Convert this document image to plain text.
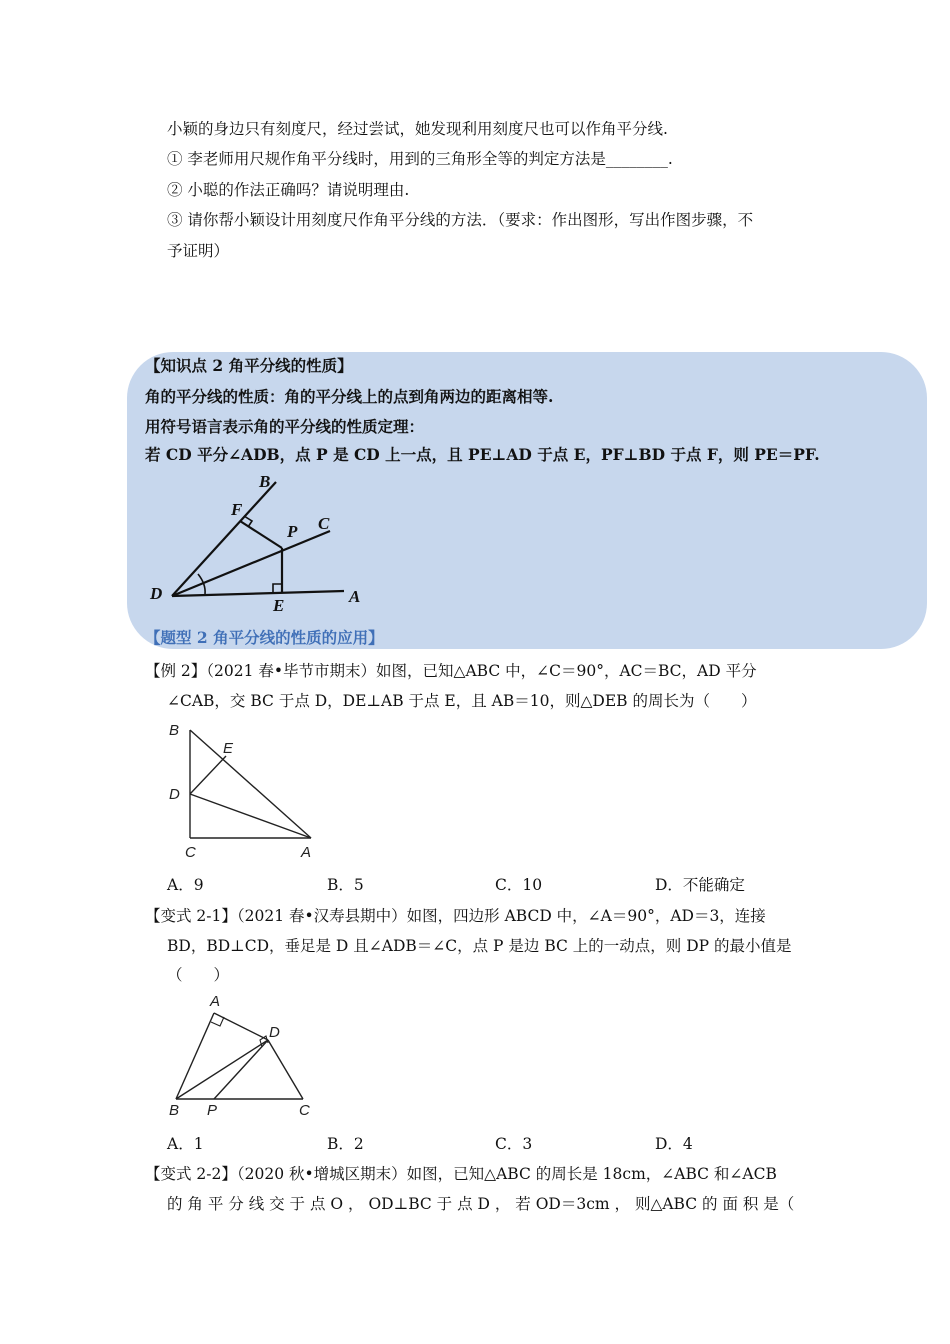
小颖的身边只有刻度尺，经过尝试，她发现利用刻度尺也可以作角平分线.
① 李老师用尺规作角平分线时，用到的三角形全等的判定方法是________.
② 小聪的作法正确吗？请说明理由.
③ 请你帮小颖设计用刻度尺作角平分线的方法．（要求：作出图形，写出作图步骤，不
予证明）
【知识点 2 角平分线的性质】
角的平分线的性质：角的平分线上的点到角两边的距离相等.
用符号语言表示角的平分线的性质定理：
若 CD 平分∠ADB，点 P 是 CD 上一点，且 PE⊥AD 于点 E，PF⊥BD 于点 F，则 PE＝PF.
B
F
P C
D
E	A
【题型 2 角平分线的性质的应用】
【例 2】（2021 春•毕节市期末）如图，已知△ABC 中，∠C＝90°，AC＝BC，AD 平分
∠CAB，交 BC 于点 D，DE⊥AB 于点 E，且 AB＝10，则△DEB 的周长为（　　）
B
E
D
C	A
A．9	B．5	C．10	D．不能确定
【变式 2-1】（2021 春•汉寿县期中）如图，四边形 ABCD 中，∠A＝90°，AD＝3，连接
BD，BD⊥CD，垂足是 D 且∠ADB＝∠C，点 P 是边 BC 上的一动点，则 DP 的最小值是
（　　）
A
D
B P	C
A．1	B．2	C．3	D．4
【变式 2-2】（2020 秋•增城区期末）如图，已知△ABC 的周长是 18cm，∠ABC 和∠ACB
的 角 平 分 线 交 于 点 O ， OD⊥BC 于 点 D ， 若 OD＝3cm ， 则△ABC 的 面 积 是（
